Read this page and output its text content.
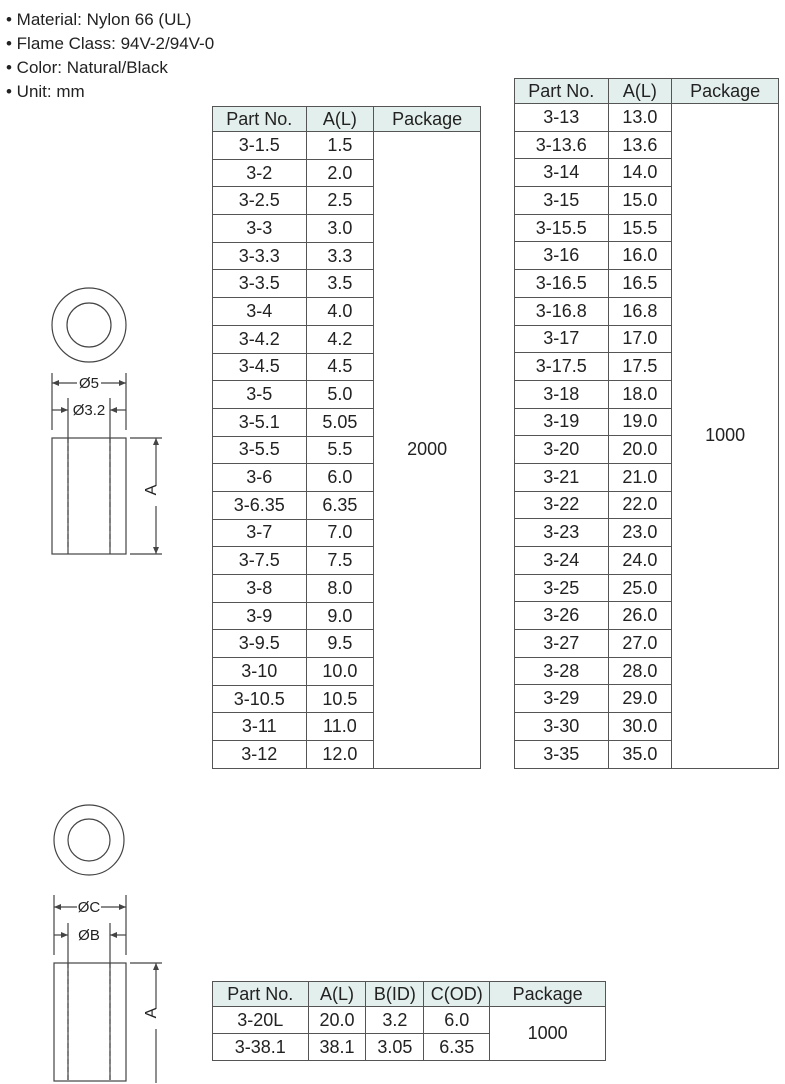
• Material: Nylon 66 (UL)
• Flame Class: 94V-2/94V-0
• Color: Natural/Black
• Unit: mm
Ø5
Ø3.2
A
ØC
ØB
A
Part No.	A(L)	Package
3-1.5	1.5	2000
3-2	2.0	
3-2.5	2.5	
3-3	3.0	
3-3.3	3.3	
3-3.5	3.5	
3-4	4.0	
3-4.2	4.2	
3-4.5	4.5	
3-5	5.0	
3-5.1	5.05	
3-5.5	5.5	
3-6	6.0	
3-6.35	6.35	
3-7	7.0	
3-7.5	7.5	
3-8	8.0	
3-9	9.0	
3-9.5	9.5	
3-10	10.0	
3-10.5	10.5	
3-11	11.0	
3-12	12.0	
Part No.	A(L)	Package
3-13	13.0	1000
3-13.6	13.6	
3-14	14.0	
3-15	15.0	
3-15.5	15.5	
3-16	16.0	
3-16.5	16.5	
3-16.8	16.8	
3-17	17.0	
3-17.5	17.5	
3-18	18.0	
3-19	19.0	
3-20	20.0	
3-21	21.0	
3-22	22.0	
3-23	23.0	
3-24	24.0	
3-25	25.0	
3-26	26.0	
3-27	27.0	
3-28	28.0	
3-29	29.0	
3-30	30.0	
3-35	35.0	
Part No.	A(L)	B(ID)	C(OD)	Package
3-20L	20.0	3.2	6.0	1000
3-38.1	38.1	3.05	6.35	
